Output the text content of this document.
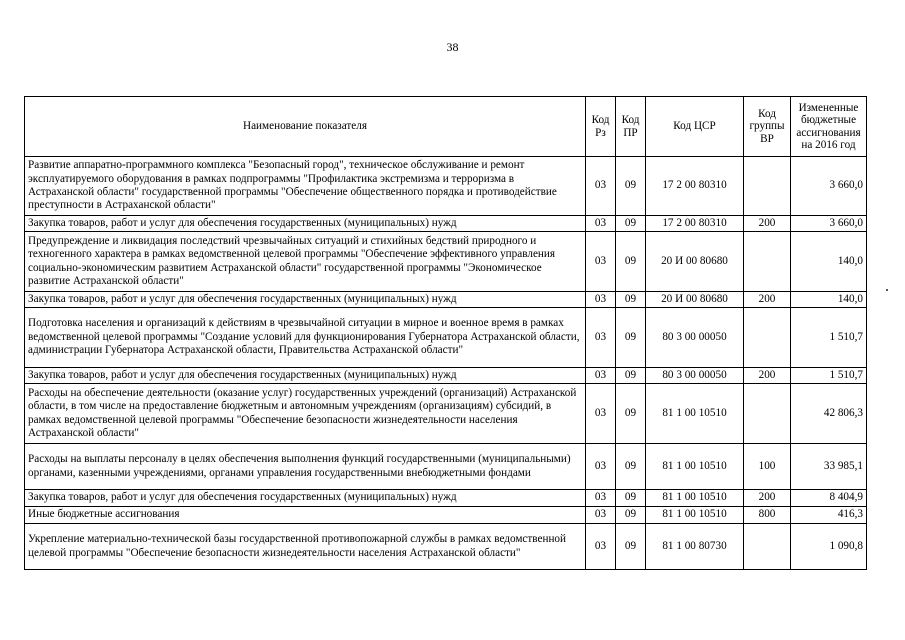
38
Наименование показателя	Код Рз	Код ПР	Код ЦСР	Код группы ВР	Измененные бюджетные ассигнования на 2016 год
Развитие аппаратно-программного комплекса "Безопасный город", техническое обслуживание и ремонт эксплуатируемого оборудования в рамках подпрограммы "Профилактика экстремизма и терроризма в Астраханской области" государственной программы "Обеспечение общественного порядка и противодействие преступности в Астраханской области"	03	09	17 2 00 80310		3 660,0
Закупка товаров, работ и услуг для обеспечения государственных (муниципальных) нужд	03	09	17 2 00 80310	200	3 660,0
Предупреждение и ликвидация последствий чрезвычайных ситуаций и стихийных бедствий природного и техногенного характера в рамках ведомственной целевой программы "Обеспечение эффективного управления социально-экономическим развитием Астраханской области" государственной программы "Экономическое развитие Астраханской области"	03	09	20 И 00 80680		140,0
Закупка товаров, работ и услуг для обеспечения государственных (муниципальных) нужд	03	09	20 И 00 80680	200	140,0
Подготовка населения и организаций к действиям в чрезвычайной ситуации в мирное и военное время в рамках ведомственной целевой программы "Создание условий для функционирования Губернатора Астраханской области, администрации Губернатора Астраханской области, Правительства Астраханской области"	03	09	80 3 00 00050		1 510,7
Закупка товаров, работ и услуг для обеспечения государственных (муниципальных) нужд	03	09	80 3 00 00050	200	1 510,7
Расходы на обеспечение деятельности (оказание услуг) государственных учреждений (организаций) Астраханской области, в том числе на предоставление бюджетным и автономным учреждениям (организациям) субсидий, в рамках ведомственной целевой программы "Обеспечение безопасности жизнедеятельности населения Астраханской области"	03	09	81 1 00 10510		42 806,3
Расходы на выплаты персоналу в целях обеспечения выполнения функций государственными (муниципальными) органами, казенными учреждениями, органами управления государственными внебюджетными фондами	03	09	81 1 00 10510	100	33 985,1
Закупка товаров, работ и услуг для обеспечения государственных (муниципальных) нужд	03	09	81 1 00 10510	200	8 404,9
Иные бюджетные ассигнования	03	09	81 1 00 10510	800	416,3
Укрепление материально-технической базы государственной противопожарной службы в рамках ведомственной целевой программы "Обеспечение безопасности жизнедеятельности населения Астраханской области"	03	09	81 1 00 80730		1 090,8
